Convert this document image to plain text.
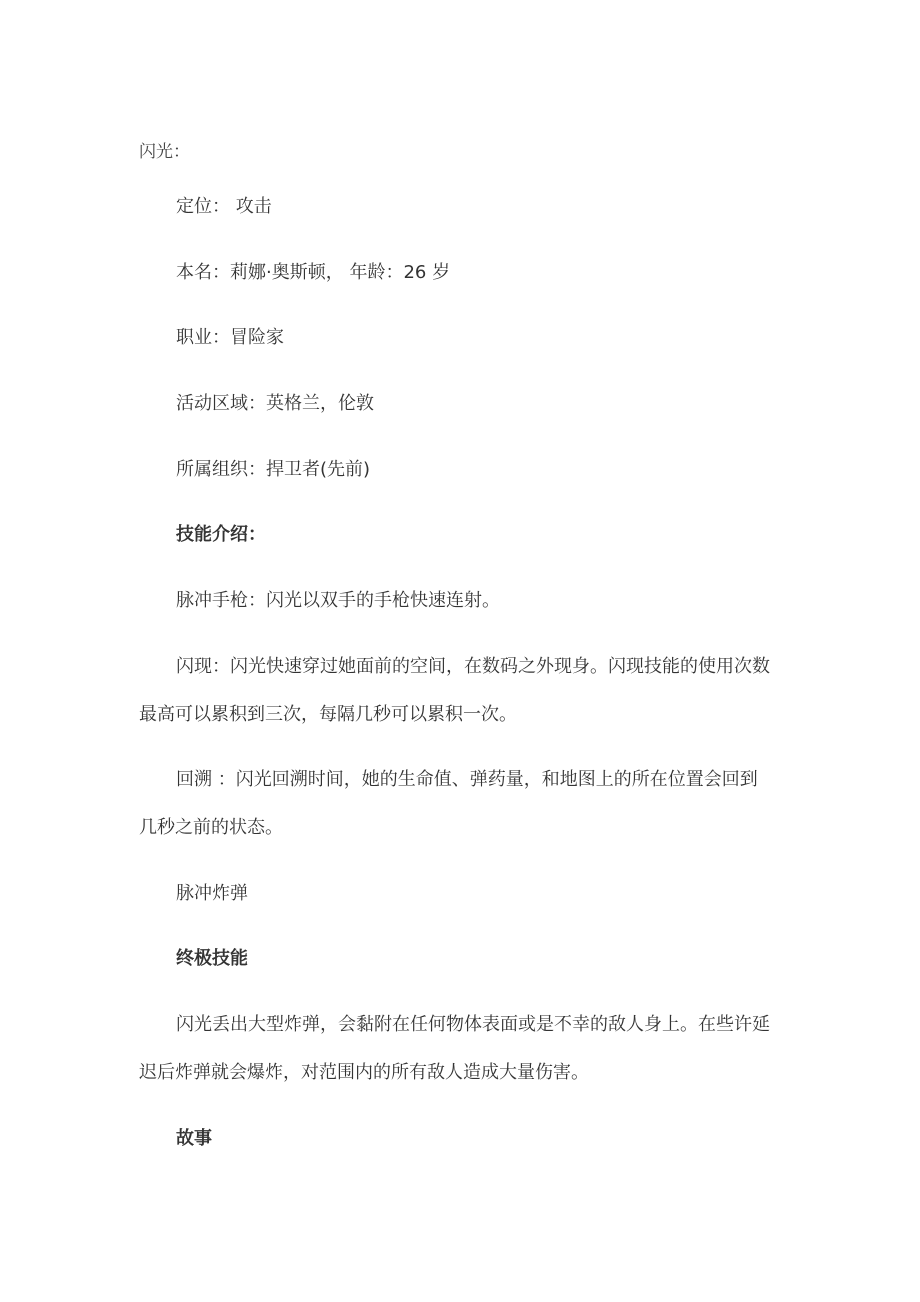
闪光：
定位： 攻击
本名：莉娜·奥斯顿， 年龄：26 岁
职业：冒险家
活动区域：英格兰，伦敦
所属组织：捍卫者(先前)
技能介绍：
脉冲手枪：闪光以双手的手枪快速连射。
闪现：闪光快速穿过她面前的空间，在数码之外现身。闪现技能的使用次数
最高可以累积到三次，每隔几秒可以累积一次。
回溯 ：闪光回溯时间，她的生命值、弹药量，和地图上的所在位置会回到
几秒之前的状态。
脉冲炸弹
终极技能
闪光丢出大型炸弹，会黏附在任何物体表面或是不幸的敌人身上。在些许延
迟后炸弹就会爆炸，对范围内的所有敌人造成大量伤害。
故事
